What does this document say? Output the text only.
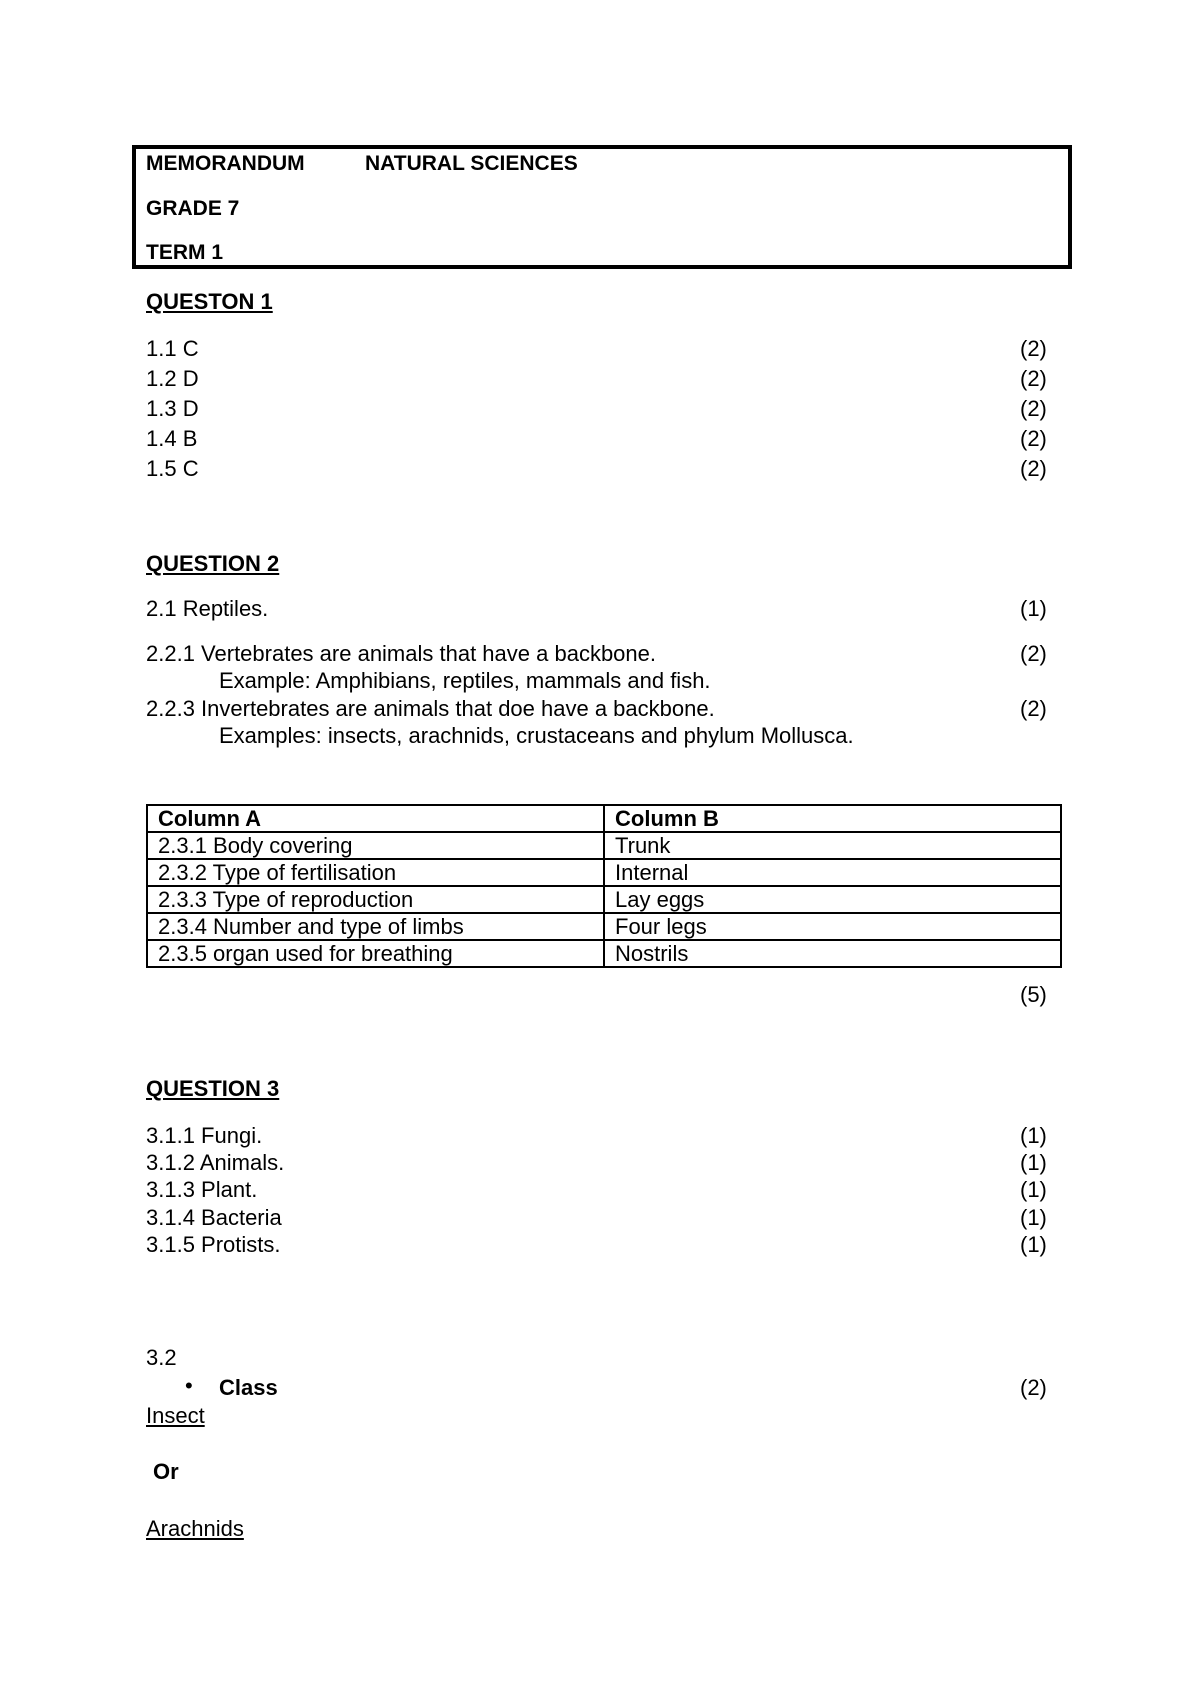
MEMORANDUM	NATURAL SCIENCES
GRADE 7
TERM 1
QUESTON 1
1.1 C	(2)
1.2 D	(2)
1.3 D	(2)
1.4 B	(2)
1.5 C	(2)
QUESTION 2
2.1 Reptiles.	(1)
2.2.1 Vertebrates are animals that have a backbone.	(2)
Example: Amphibians, reptiles, mammals and fish.
2.2.3 Invertebrates are animals that doe have a backbone.	(2)
Examples: insects, arachnids, crustaceans and phylum Mollusca.
Column A	Column B
2.3.1 Body covering	Trunk
2.3.2 Type of fertilisation	Internal
2.3.3 Type of reproduction	Lay eggs
2.3.4 Number and type of limbs	Four legs
2.3.5 organ used for breathing	Nostrils
(5)
QUESTION 3
3.1.1 Fungi.	(1)
3.1.2 Animals.	(1)
3.1.3 Plant.	(1)
3.1.4 Bacteria	(1)
3.1.5 Protists.	(1)
3.2
• Class	(2)
Insect
Or
Arachnids
